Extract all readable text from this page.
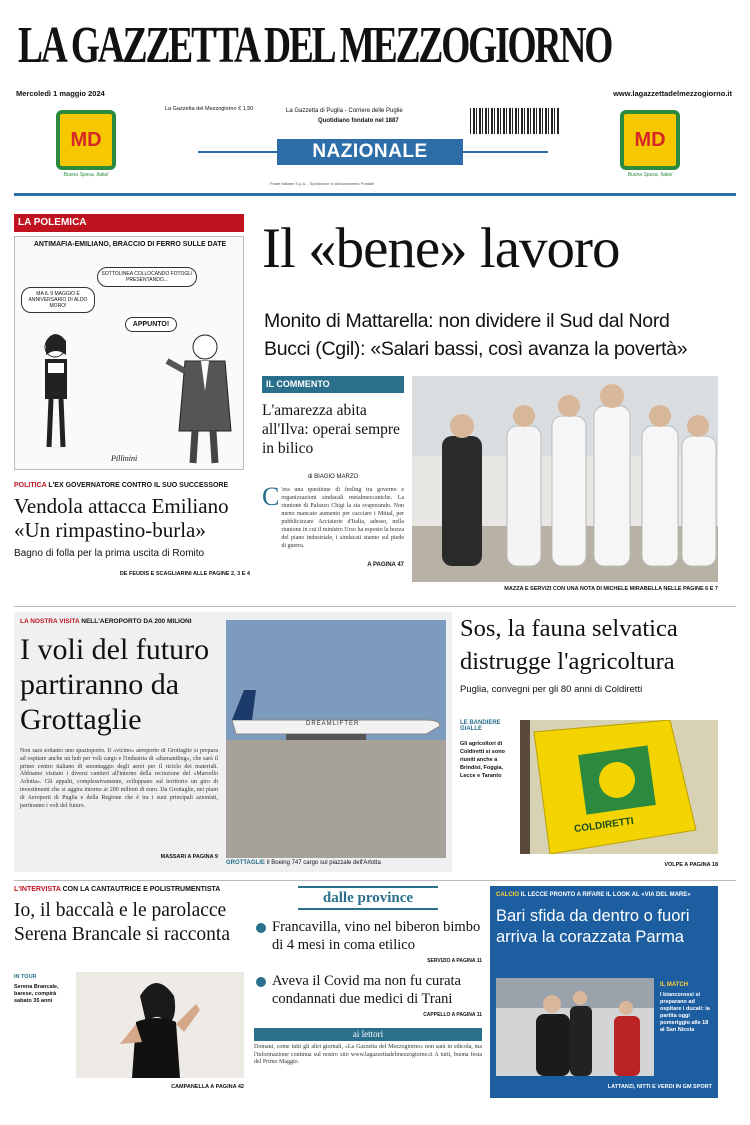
LA GAZZETTA DEL MEZZOGIORNO
Mercoledì 1 maggio 2024	www.lagazzettadelmezzogiorno.it
La Gazzetta del Mezzogiorno € 1,50
MD
Buona Spesa, Italia!
MD
Buona Spesa, Italia!
La Gazzetta di Puglia - Corriere delle Puglie
Quotidiano fondato nel 1887
NAZIONALE
Poste Italiane S.p.A. - Spedizione in Abbonamento Postale
LA POLEMICA
ANTIMAFIA-EMILIANO, BRACCIO DI FERRO SULLE DATE
MA IL 9 MAGGIO È ANNIVERSARIO DI ALDO MORO!
SOTTOLINEA COLLOCANDO FOTOGLI PRESENTANDO...
APPUNTO!
Pillinini
Il «bene» lavoro
Monito di Mattarella: non dividere il Sud dal Nord
Bucci (Cgil): «Salari bassi, così avanza la povertà»
IL COMMENTO
L'amarezza abita all'Ilva: operai sempre in bilico
di BIAGIO MARZO
C 'era una questione di feeling tra governo e organizzazioni sindacali metalmeccaniche. La riunione di Palazzo Chigi la sta svaporando. Non meno mancato aumento per cacciare i Mittal, per pubblicizzare Acciaierie d'Italia, adesso, nella riunione in cui il ministro Urso ha esposto la bozza del piano industriale, i sindacati stanno sul piede di guerra.
A PAGINA 47
MAZZA E SERVIZI CON UNA NOTA DI MICHELE MIRABELLA NELLE PAGINE 6 E 7
POLITICA L'EX GOVERNATORE CONTRO IL SUO SUCCESSORE
Vendola attacca Emiliano «Un rimpastino-burla»
Bagno di folla per la prima uscita di Romito
DE FEUDIS E SCAGLIARINI ALLE PAGINE 2, 3 E 4
LA NOSTRA VISITA NELL'AEROPORTO DA 200 MILIONI
I voli del futuro partiranno da Grottaglie
Non sarà soltanto uno spazioporto. Il «vicino» aeroporto di Grottaglie si prepara ad ospitare anche un hub per voli cargo e l'industria di «dismantling», che sarà il primo centro italiano di smontaggio degli aerei per il riciclo dei materiali. Abbiamo visitato i diversi cantieri all'interno della recinzione del «Marcello Arlotta». Gli appalti, complessivamente, sviluppano sul territorio un giro di investimenti che si aggira intorno ai 200 milioni di euro. Da Grottaglie, nei piani di Aeroporti di Puglia e della Regione che è tra i suoi principali azionisti, partiranno i voli del futuro.
MASSARI A PAGINA 9
DREAMLIFTER
GROTTAGLIE Il Boeing 747 cargo sul piazzale dell'Arlotta
Sos, la fauna selvatica distrugge l'agricoltura
Puglia, convegni per gli 80 anni di Coldiretti
LE BANDIERE GIALLE
Gli agricoltori di Coldiretti si sono riuniti anche a Brindisi, Foggia, Lecce e Taranto
COLDIRETTI
VOLPE A PAGINA 18
L'INTERVISTA CON LA CANTAUTRICE E POLISTRUMENTISTA
Io, il baccalà e le parolacce Serena Brancale si racconta
IN TOUR
Serena Brancale, barese, compirà sabato 35 anni
CAMPANELLA A PAGINA 42
dalle province
Francavilla, vino nel biberon bimbo di 4 mesi in coma etilico
SERVIZIO A PAGINA 11
Aveva il Covid ma non fu curata condannati due medici di Trani
CAPPELLO A PAGINA 11
ai lettori
Domani, come tutti gli altri giornali, «La Gazzetta del Mezzogiorno» non sarà in edicola, ma l'informazione continua sul nostro sito www.lagazzettadelmezzogiorno.it A tutti, buona festa del Primo Maggio.
CALCIO IL LECCE PRONTO A RIFARE IL LOOK AL «VIA DEL MARE»
Bari sfida da dentro o fuori arriva la corazzata Parma
IL MATCH
I biancorossi si preparano ad ospitare i ducali: la partita oggi pomeriggio alle 18 al San Nicola
LATTANZI, NITTI E VERDI IN GM SPORT
